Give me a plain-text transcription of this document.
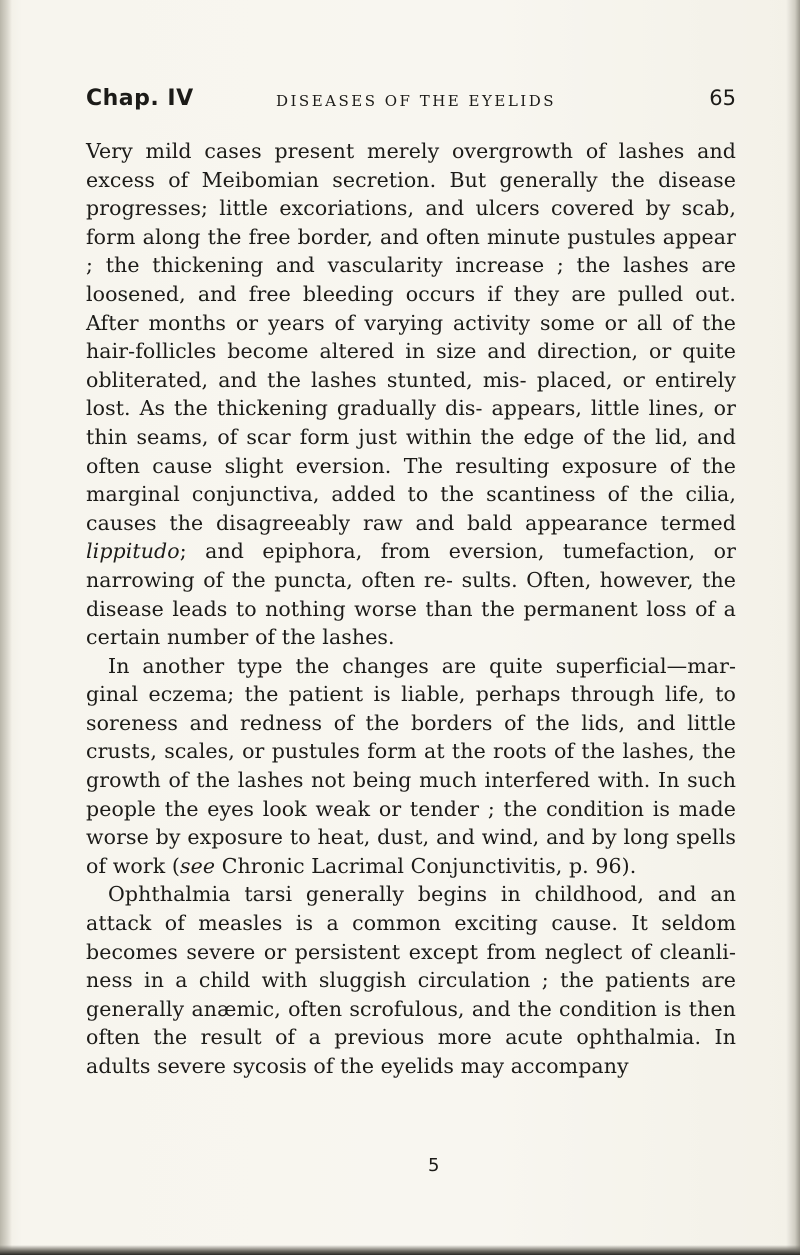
Chap. IV	DISEASES OF THE EYELIDS	65

Very mild cases present merely overgrowth of lashes and excess of Meibomian secretion. But generally the disease progresses; little excoriations, and ulcers covered by scab, form along the free border, and often minute pustules appear ; the thickening and vascularity increase ; the lashes are loosened, and free bleeding occurs if they are pulled out. After months or years of varying activity some or all of the hair-follicles become altered in size and direction, or quite obliterated, and the lashes stunted, mis- placed, or entirely lost. As the thickening gradually dis- appears, little lines, or thin seams, of scar form just within the edge of the lid, and often cause slight eversion. The resulting exposure of the marginal conjunctiva, added to the scantiness of the cilia, causes the disagreeably raw and bald appearance termed lippitudo; and epiphora, from eversion, tumefaction, or narrowing of the puncta, often re- sults. Often, however, the disease leads to nothing worse than the permanent loss of a certain number of the lashes.

In another type the changes are quite superficial—mar- ginal eczema; the patient is liable, perhaps through life, to soreness and redness of the borders of the lids, and little crusts, scales, or pustules form at the roots of the lashes, the growth of the lashes not being much interfered with. In such people the eyes look weak or tender ; the condition is made worse by exposure to heat, dust, and wind, and by long spells of work (see Chronic Lacrimal Conjunctivitis, p. 96).

Ophthalmia tarsi generally begins in childhood, and an attack of measles is a common exciting cause. It seldom becomes severe or persistent except from neglect of cleanli- ness in a child with sluggish circulation ; the patients are generally anæmic, often scrofulous, and the condition is then often the result of a previous more acute ophthalmia. In adults severe sycosis of the eyelids may accompany

5
